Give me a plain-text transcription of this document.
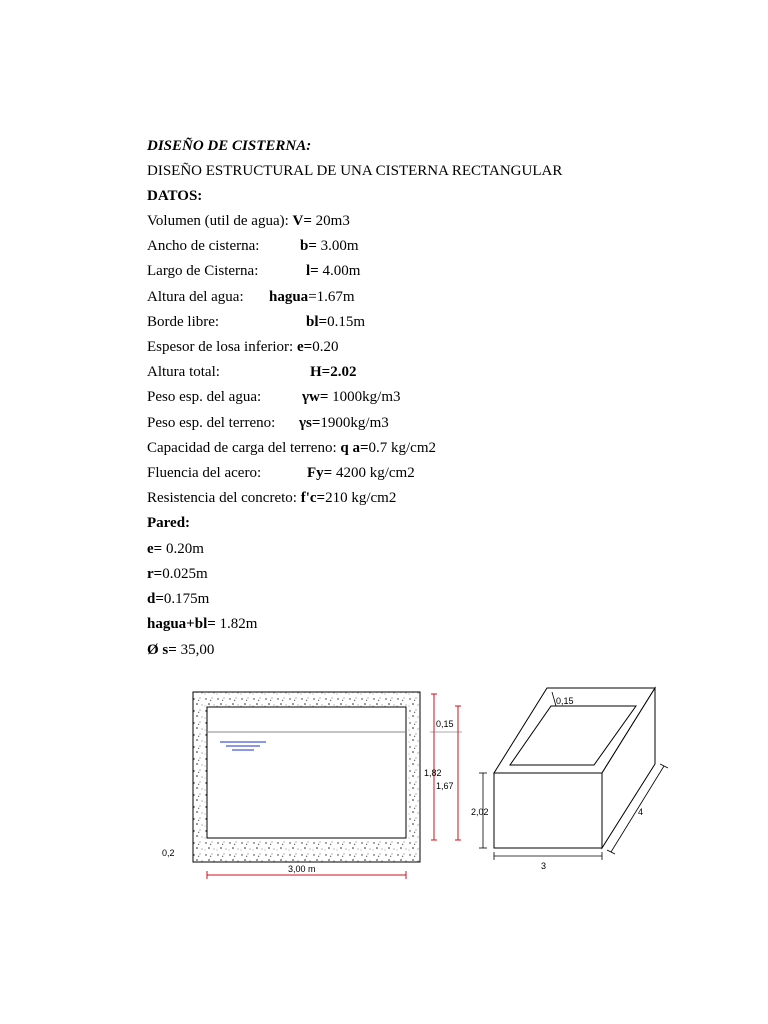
DISEÑO DE CISTERNA:
DISEÑO ESTRUCTURAL DE UNA CISTERNA RECTANGULAR
DATOS:
Volumen (util de agua): V= 20m3
Ancho de cisterna:	b= 3.00m
Largo de Cisterna:	l= 4.00m
Altura del agua: hagua=1.67m
Borde libre:	bl=0.15m
Espesor de losa inferior: e=0.20
Altura total:	H=2.02
Peso esp. del agua:	γw= 1000kg/m3
Peso esp. del terreno: γs=1900kg/m3
Capacidad de carga del terreno: q a=0.7 kg/cm2
Fluencia del acero:	Fy= 4200 kg/cm2
Resistencia del concreto: f'c=210 kg/cm2
Pared:
e= 0.20m
r=0.025m
d=0.175m
hagua+bl= 1.82m
Ø s= 35,00
0,15
1,82
1,67
0,2
3,00 m
0,15
2,02
3
4
